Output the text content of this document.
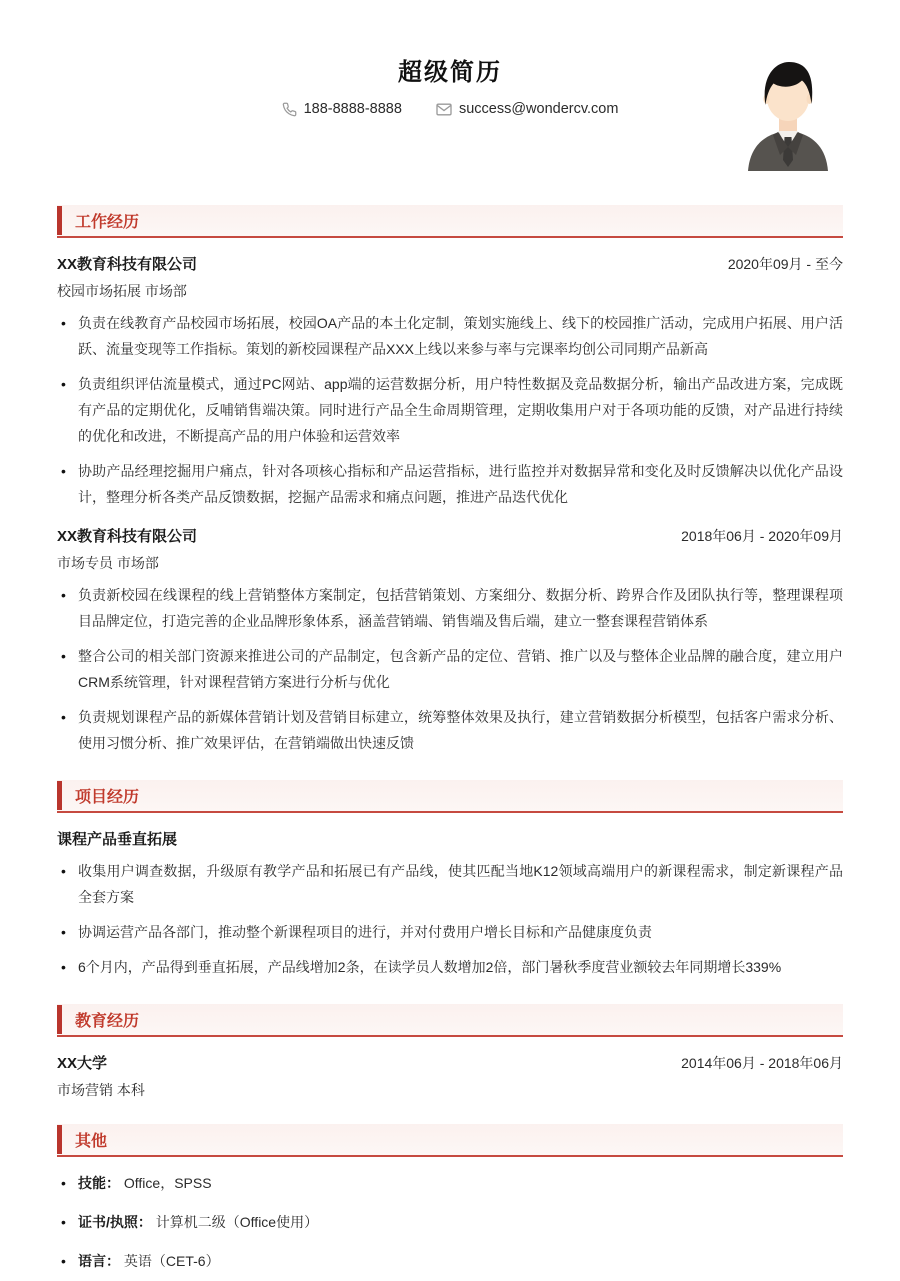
超级简历
188-8888-8888	success@wondercv.com
工作经历
XX教育科技有限公司	2020年09月 - 至今
校园市场拓展 市场部
• 负责在线教育产品校园市场拓展，校园OA产品的本土化定制，策划实施线上、线下的校园推广活动，完成用户拓展、用户活跃、流量变现等工作指标。策划的新校园课程产品XXX上线以来参与率与完课率均创公司同期产品新高
• 负责组织评估流量模式，通过PC网站、app端的运营数据分析，用户特性数据及竞品数据分析，输出产品改进方案，完成既有产品的定期优化，反哺销售端决策。同时进行产品全生命周期管理，定期收集用户对于各项功能的反馈，对产品进行持续的优化和改进，不断提高产品的用户体验和运营效率
• 协助产品经理挖掘用户痛点，针对各项核心指标和产品运营指标，进行监控并对数据异常和变化及时反馈解决以优化产品设计，整理分析各类产品反馈数据，挖掘产品需求和痛点问题，推进产品迭代优化
XX教育科技有限公司	2018年06月 - 2020年09月
市场专员 市场部
• 负责新校园在线课程的线上营销整体方案制定，包括营销策划、方案细分、数据分析、跨界合作及团队执行等，整理课程项目品牌定位，打造完善的企业品牌形象体系，涵盖营销端、销售端及售后端，建立一整套课程营销体系
• 整合公司的相关部门资源来推进公司的产品制定，包含新产品的定位、营销、推广以及与整体企业品牌的融合度，建立用户CRM系统管理，针对课程营销方案进行分析与优化
• 负责规划课程产品的新媒体营销计划及营销目标建立，统筹整体效果及执行，建立营销数据分析模型，包括客户需求分析、使用习惯分析、推广效果评估，在营销端做出快速反馈
项目经历
课程产品垂直拓展
• 收集用户调查数据，升级原有教学产品和拓展已有产品线，使其匹配当地K12领域高端用户的新课程需求，制定新课程产品全套方案
• 协调运营产品各部门，推动整个新课程项目的进行，并对付费用户增长目标和产品健康度负责
• 6个月内，产品得到垂直拓展，产品线增加2条，在读学员人数增加2倍，部门暑秋季度营业额较去年同期增长339%
教育经历
XX大学	2014年06月 - 2018年06月
市场营销 本科
其他
• 技能： Office，SPSS
• 证书/执照： 计算机二级（Office使用）
• 语言： 英语（CET-6）
